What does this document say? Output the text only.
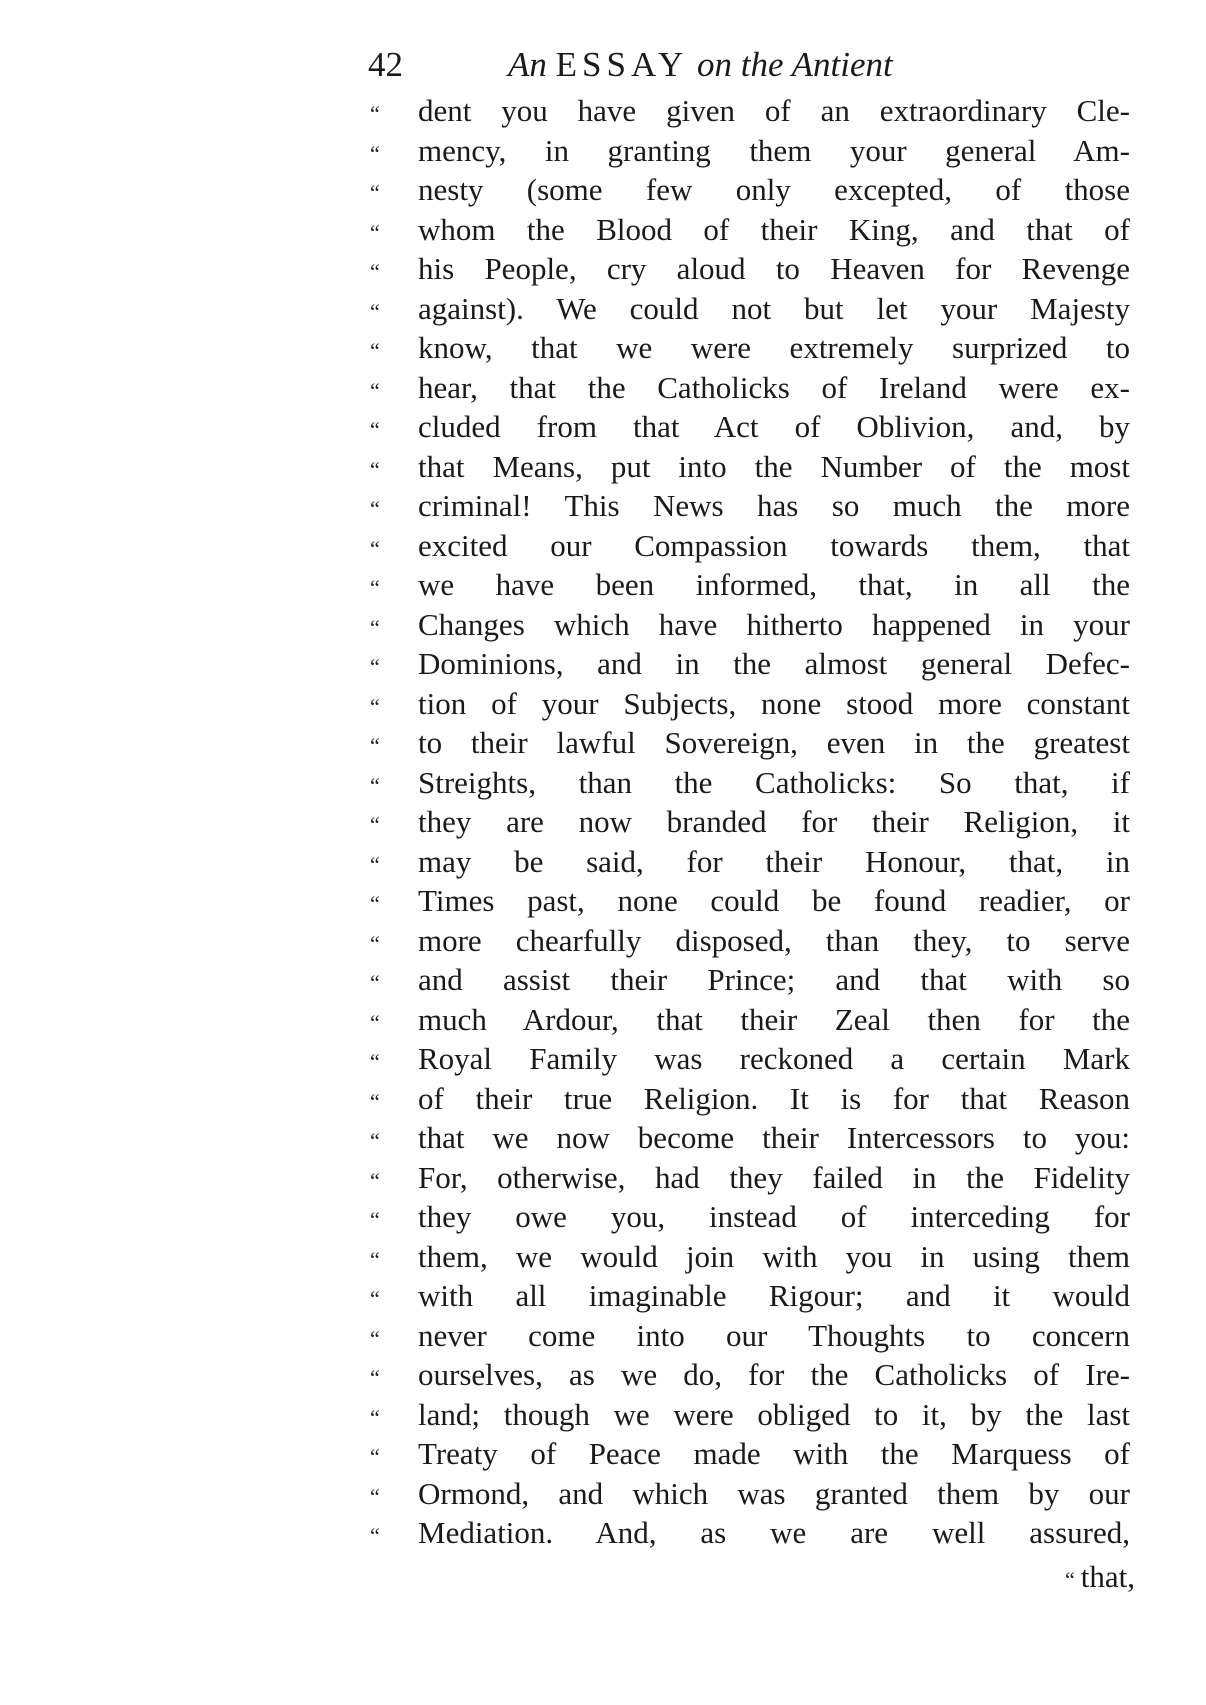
42	An ESSAY on the Antient
“	dent you have given of an extraordinary Cle-
“	mency, in granting them your general Am-
“	nesty (some few only excepted, of those
“	whom the Blood of their King, and that of
“	his People, cry aloud to Heaven for Revenge
“	against). We could not but let your Majesty
“	know, that we were extremely surprized to
“	hear, that the Catholicks of Ireland were ex-
“	cluded from that Act of Oblivion, and, by
“	that Means, put into the Number of the most
“	criminal! This News has so much the more
“	excited our Compassion towards them, that
“	we have been informed, that, in all the
“	Changes which have hitherto happened in your
“	Dominions, and in the almost general Defec-
“	tion of your Subjects, none stood more constant
“	to their lawful Sovereign, even in the greatest
“	Streights, than the Catholicks: So that, if
“	they are now branded for their Religion, it
“	may be said, for their Honour, that, in
“	Times past, none could be found readier, or
“	more chearfully disposed, than they, to serve
“	and assist their Prince; and that with so
“	much Ardour, that their Zeal then for the
“	Royal Family was reckoned a certain Mark
“	of their true Religion. It is for that Reason
“	that we now become their Intercessors to you:
“	For, otherwise, had they failed in the Fidelity
“	they owe you, instead of interceding for
“	them, we would join with you in using them
“	with all imaginable Rigour; and it would
“	never come into our Thoughts to concern
“	ourselves, as we do, for the Catholicks of Ire-
“	land; though we were obliged to it, by the last
“	Treaty of Peace made with the Marquess of
“	Ormond, and which was granted them by our
“	Mediation. And, as we are well assured,
“ that,
